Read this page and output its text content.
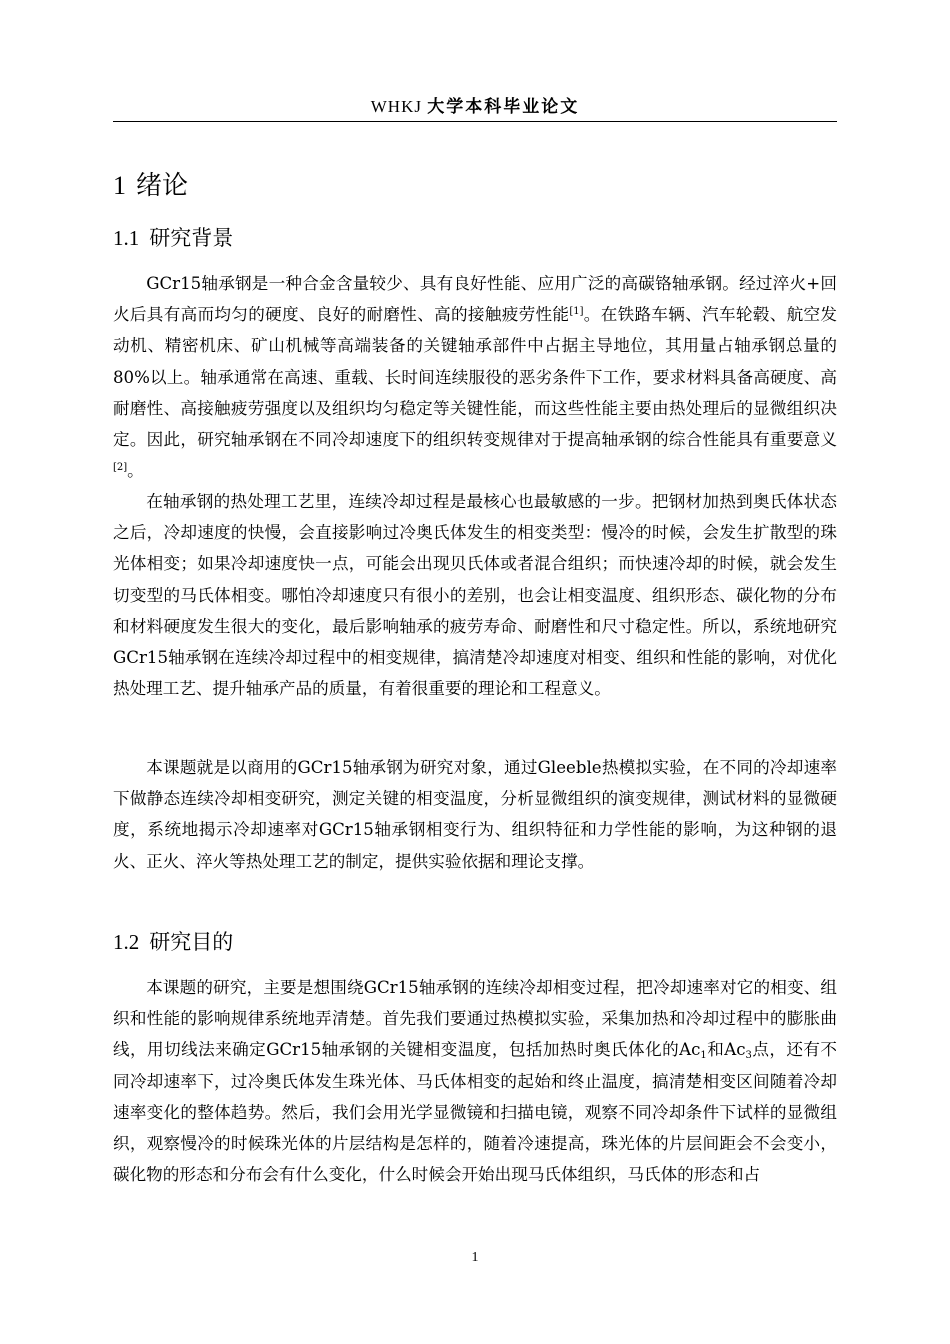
WHKJ 大学本科毕业论文
1 绪论
1.1 研究背景

GCr15轴承钢是一种合金含量较少、具有良好性能、应用广泛的高碳铬轴承钢。经过淬火+回火后具有高而均匀的硬度、良好的耐磨性、高的接触疲劳性能[1]。在铁路车辆、汽车轮毂、航空发动机、精密机床、矿山机械等高端装备的关键轴承部件中占据主导地位，其用量占轴承钢总量的80%以上。轴承通常在高速、重载、长时间连续服役的恶劣条件下工作，要求材料具备高硬度、高耐磨性、高接触疲劳强度以及组织均匀稳定等关键性能，而这些性能主要由热处理后的显微组织决定。因此，研究轴承钢在不同冷却速度下的组织转变规律对于提高轴承钢的综合性能具有重要意义[2]。

在轴承钢的热处理工艺里，连续冷却过程是最核心也最敏感的一步。把钢材加热到奥氏体状态之后，冷却速度的快慢，会直接影响过冷奥氏体发生的相变类型：慢冷的时候，会发生扩散型的珠光体相变；如果冷却速度快一点，可能会出现贝氏体或者混合组织；而快速冷却的时候，就会发生切变型的马氏体相变。哪怕冷却速度只有很小的差别，也会让相变温度、组织形态、碳化物的分布和材料硬度发生很大的变化，最后影响轴承的疲劳寿命、耐磨性和尺寸稳定性。所以，系统地研究GCr15轴承钢在连续冷却过程中的相变规律，搞清楚冷却速度对相变、组织和性能的影响，对优化热处理工艺、提升轴承产品的质量，有着很重要的理论和工程意义。

本课题就是以商用的GCr15轴承钢为研究对象，通过Gleeble热模拟实验，在不同的冷却速率下做静态连续冷却相变研究，测定关键的相变温度，分析显微组织的演变规律，测试材料的显微硬度，系统地揭示冷却速率对GCr15轴承钢相变行为、组织特征和力学性能的影响，为这种钢的退火、正火、淬火等热处理工艺的制定，提供实验依据和理论支撑。

1.2 研究目的

本课题的研究，主要是想围绕GCr15轴承钢的连续冷却相变过程，把冷却速率对它的相变、组织和性能的影响规律系统地弄清楚。首先我们要通过热模拟实验，采集加热和冷却过程中的膨胀曲线，用切线法来确定GCr15轴承钢的关键相变温度，包括加热时奥氏体化的$Ac_1$和$Ac_3$点，还有不同冷却速率下，过冷奥氏体发生珠光体、马氏体相变的起始和终止温度，搞清楚相变区间随着冷却速率变化的整体趋势。然后，我们会用光学显微镜和扫描电镜，观察不同冷却条件下试样的显微组织，观察慢冷的时候珠光体的片层结构是怎样的，随着冷速提高，珠光体的片层间距会不会变小，碳化物的形态和分布会有什么变化，什么时候会开始出现马氏体组织，马氏体的形态和占

1
